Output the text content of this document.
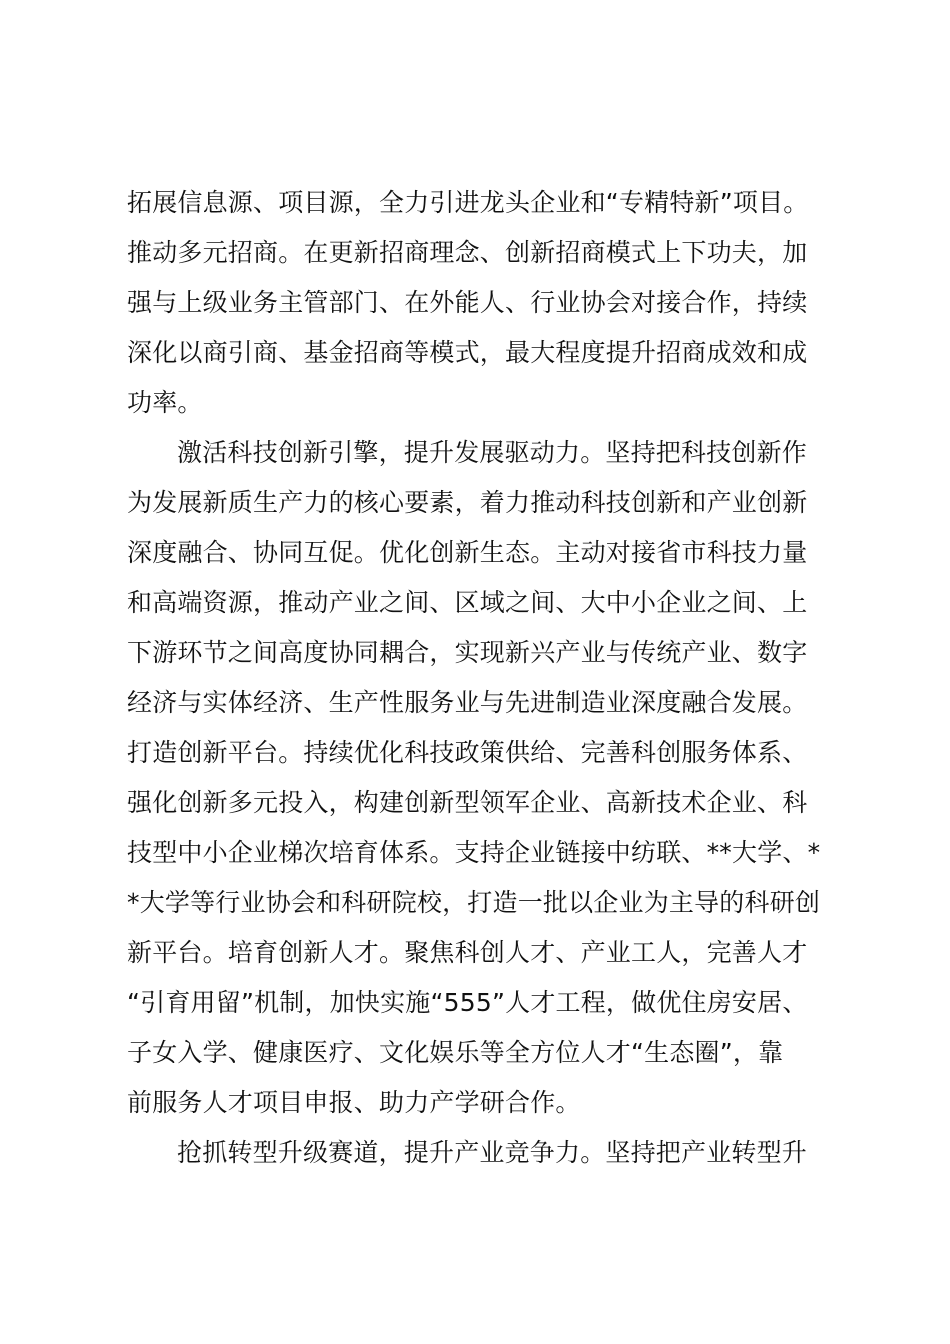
拓展信息源、项目源，全力引进龙头企业和“专精特新”项目。
推动多元招商。在更新招商理念、创新招商模式上下功夫，加
强与上级业务主管部门、在外能人、行业协会对接合作，持续
深化以商引商、基金招商等模式，最大程度提升招商成效和成
功率。
激活科技创新引擎，提升发展驱动力。坚持把科技创新作
为发展新质生产力的核心要素，着力推动科技创新和产业创新
深度融合、协同互促。优化创新生态。主动对接省市科技力量
和高端资源，推动产业之间、区域之间、大中小企业之间、上
下游环节之间高度协同耦合，实现新兴产业与传统产业、数字
经济与实体经济、生产性服务业与先进制造业深度融合发展。
打造创新平台。持续优化科技政策供给、完善科创服务体系、
强化创新多元投入，构建创新型领军企业、高新技术企业、科
技型中小企业梯次培育体系。支持企业链接中纺联、**大学、*
*大学等行业协会和科研院校，打造一批以企业为主导的科研创
新平台。培育创新人才。聚焦科创人才、产业工人，完善人才
“引育用留”机制，加快实施“555”人才工程，做优住房安居、
子女入学、健康医疗、文化娱乐等全方位人才“生态圈”，靠
前服务人才项目申报、助力产学研合作。
抢抓转型升级赛道，提升产业竞争力。坚持把产业转型升
